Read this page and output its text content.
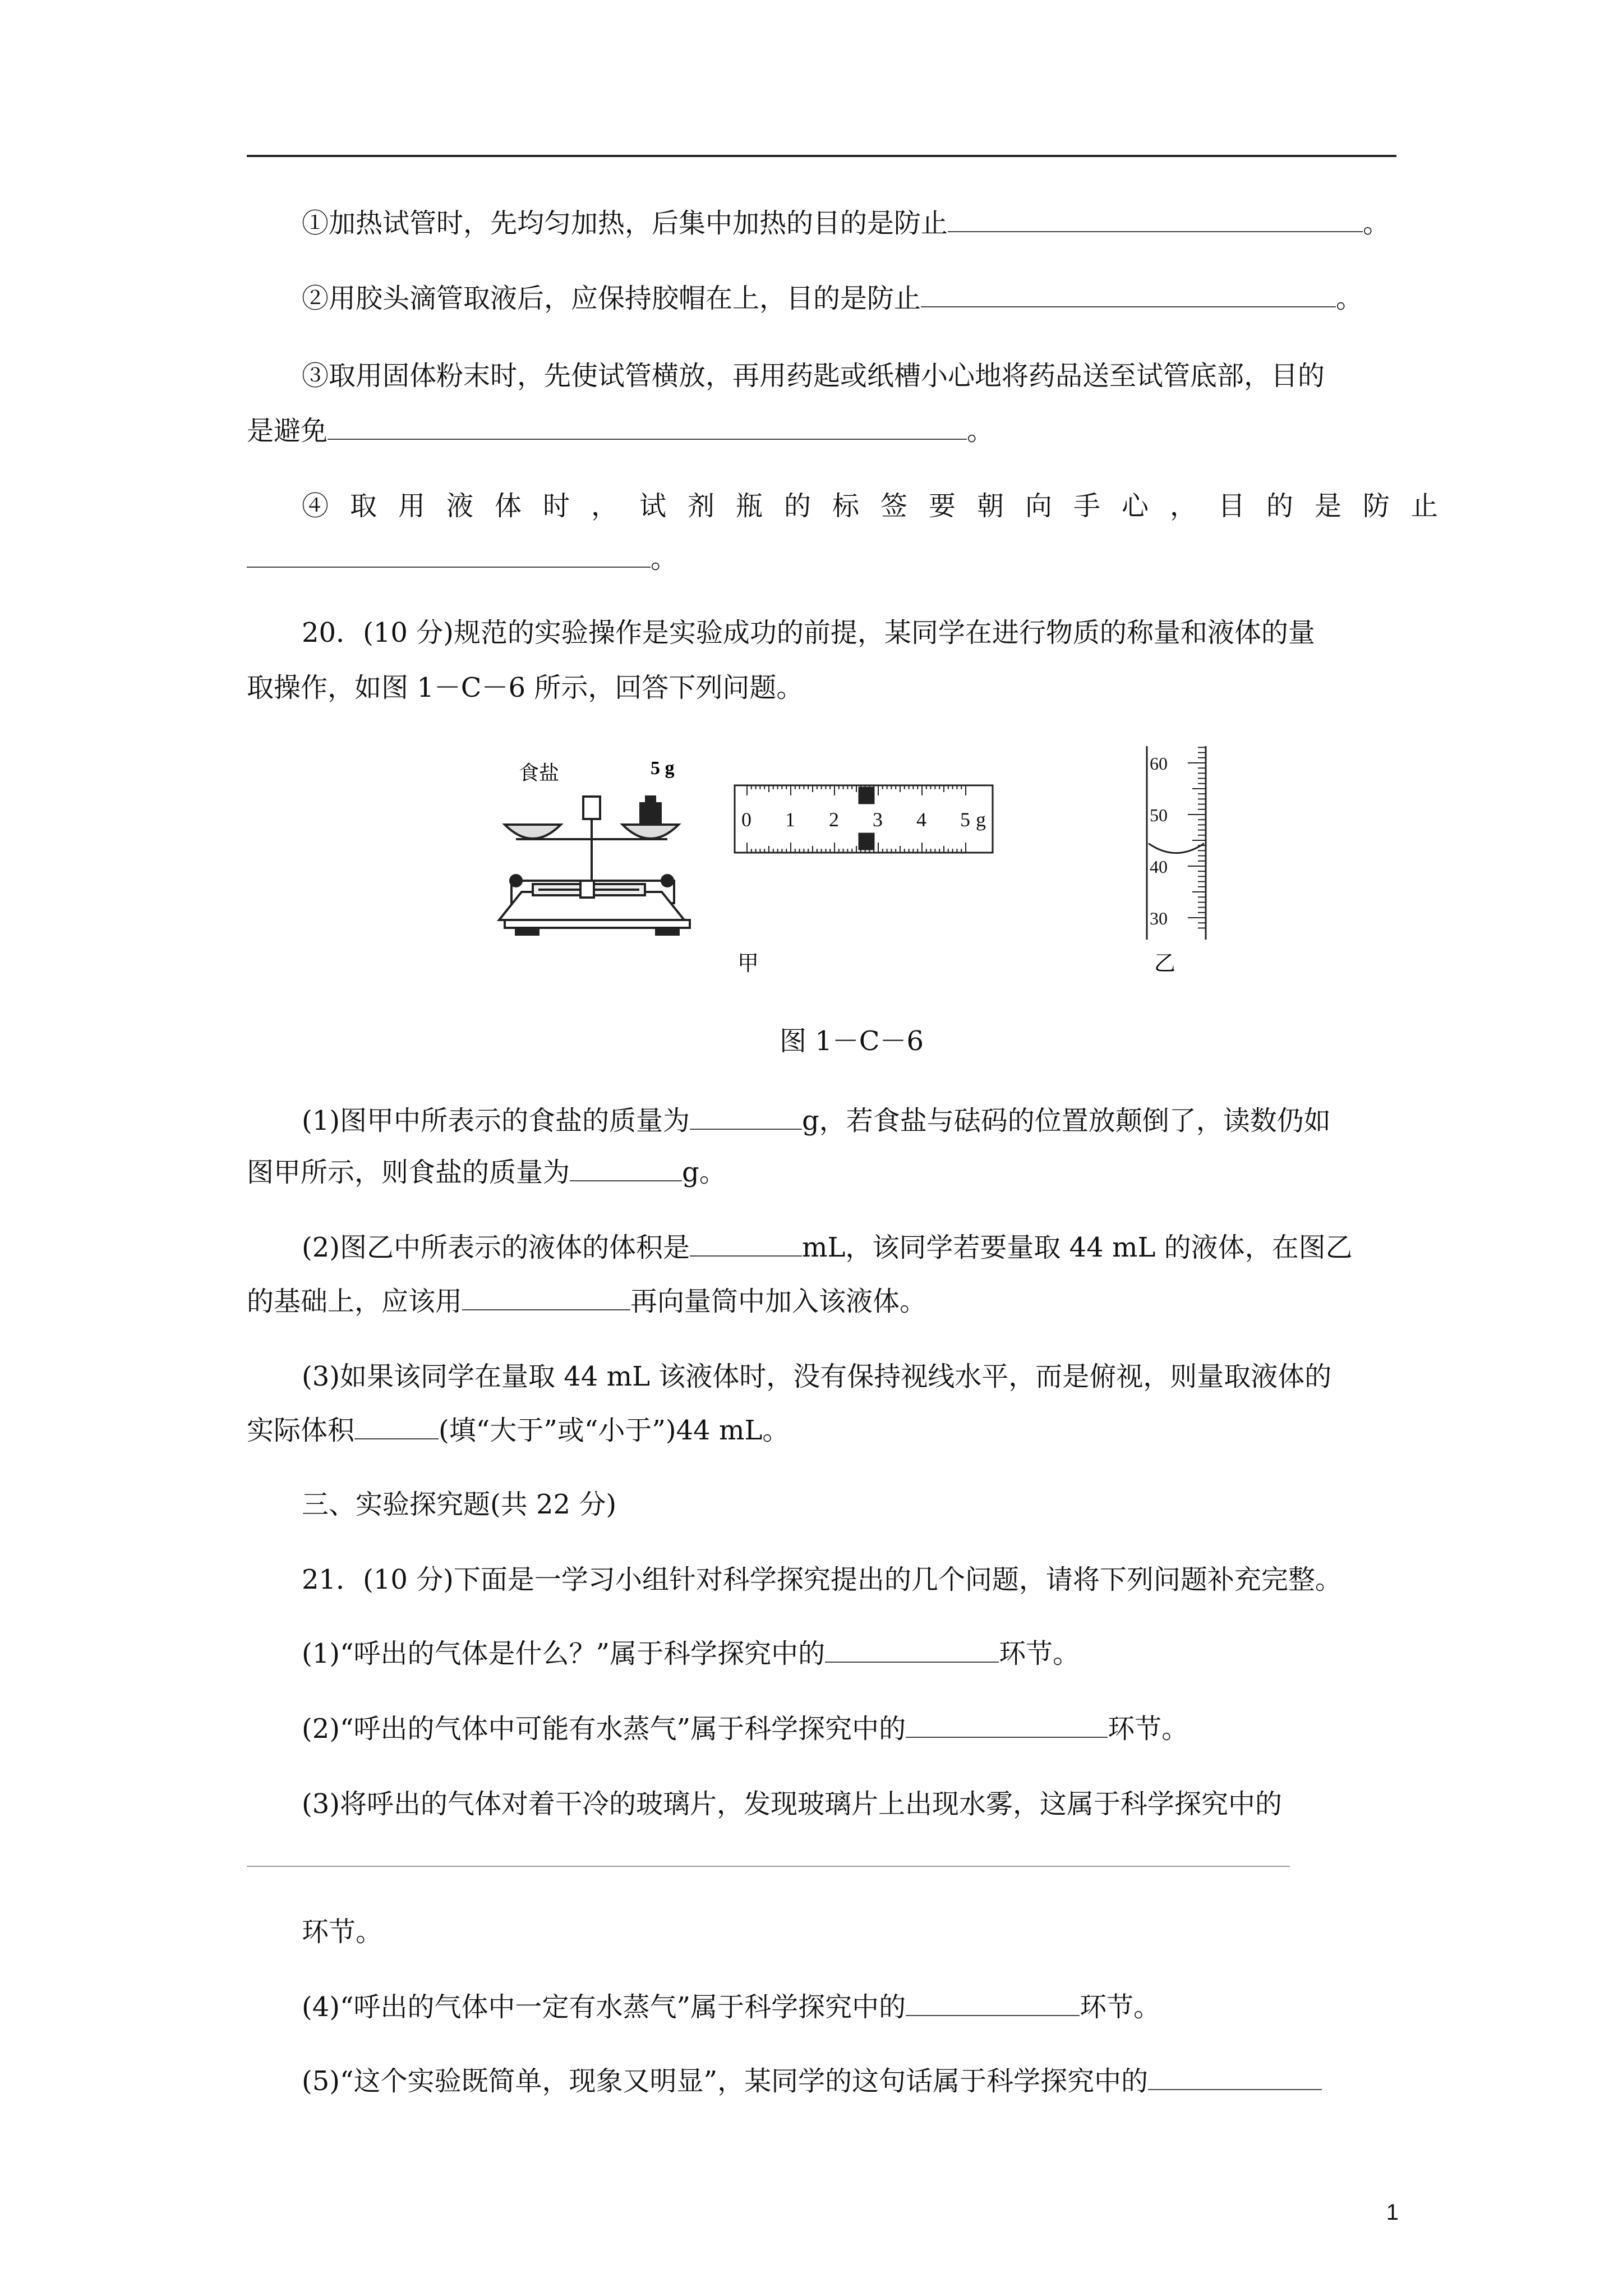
①加热试管时，先均匀加热，后集中加热的目的是防止	。
②用胶头滴管取液后，应保持胶帽在上，目的是防止	。
③取用固体粉末时，先使试管横放，再用药匙或纸槽小心地将药品送至试管底部，目的
是避免	。
④取用液体时，试剂瓶的标签要朝向手心，目的是防止
。
20．(10 分)规范的实验操作是实验成功的前提，某同学在进行物质的称量和液体的量
取操作，如图 1－C－6 所示，回答下列问题。
食盐	5 g
0 1 2 3 4 5 g
60
50
40
30
甲	乙
图 1－C－6
(1)图甲中所表示的食盐的质量为	g，若食盐与砝码的位置放颠倒了，读数仍如
图甲所示，则食盐的质量为	g。
(2)图乙中所表示的液体的体积是	mL，该同学若要量取 44 mL 的液体，在图乙
的基础上，应该用	再向量筒中加入该液体。
(3)如果该同学在量取 44 mL 该液体时，没有保持视线水平，而是俯视，则量取液体的
实际体积	(填“大于”或“小于”)44 mL。
三、实验探究题(共 22 分)
21．(10 分)下面是一学习小组针对科学探究提出的几个问题，请将下列问题补充完整。
(1)“呼出的气体是什么？”属于科学探究中的	环节。
(2)“呼出的气体中可能有水蒸气”属于科学探究中的	环节。
(3)将呼出的气体对着干冷的玻璃片，发现玻璃片上出现水雾，这属于科学探究中的
环节。
(4)“呼出的气体中一定有水蒸气”属于科学探究中的	环节。
(5)“这个实验既简单，现象又明显”，某同学的这句话属于科学探究中的
1
